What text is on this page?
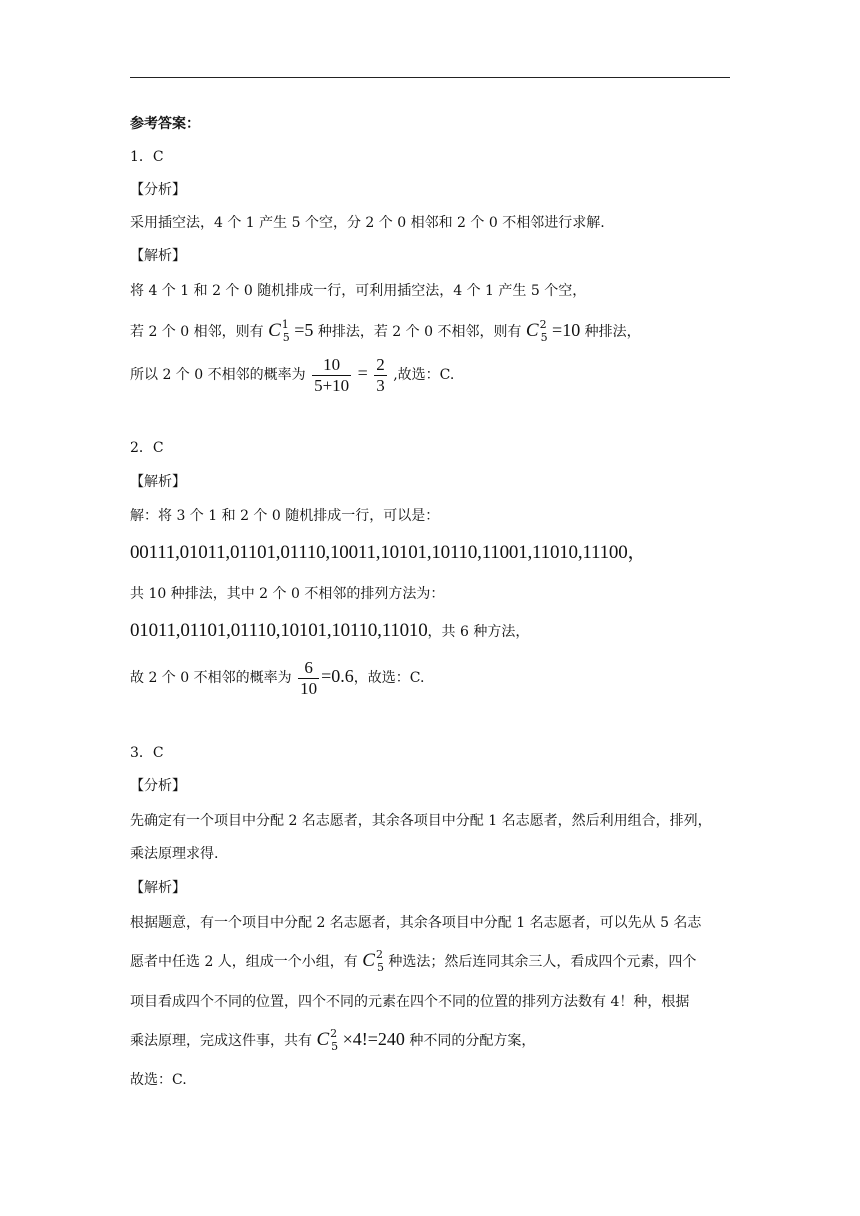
参考答案：
1．C
【分析】
采用插空法，4 个 1 产生 5 个空，分 2 个 0 相邻和 2 个 0 不相邻进行求解.
【解析】
将 4 个 1 和 2 个 0 随机排成一行，可利用插空法，4 个 1 产生 5 个空，
若 2 个 0 相邻，则有 $C^1_5 =5$ 种排法，若 2 个 0 不相邻，则有 $C^2_5 =10$ 种排法，
所以 2 个 0 不相邻的概率为 $\frac{10}{5+10} = \frac{2}{3}$ ,故选：C.
2．C
【解析】
解：将 3 个 1 和 2 个 0 随机排成一行，可以是：
00111,01011,01101,01110,10011,10101,10110,11001,11010,11100，
共 10 种排法，其中 2 个 0 不相邻的排列方法为：
01011,01101,01110,10101,10110,11010，共 6 种方法，
故 2 个 0 不相邻的概率为 $\frac{6}{10} =0.6$，故选：C.
3．C
【分析】
先确定有一个项目中分配 2 名志愿者，其余各项目中分配 1 名志愿者，然后利用组合，排列，
乘法原理求得.
【解析】
根据题意，有一个项目中分配 2 名志愿者，其余各项目中分配 1 名志愿者，可以先从 5 名志
愿者中任选 2 人，组成一个小组，有 $C^2_5$ 种选法；然后连同其余三人，看成四个元素，四个
项目看成四个不同的位置，四个不同的元素在四个不同的位置的排列方法数有 4！种，根据
乘法原理，完成这件事，共有 $C^2_5 \times 4!=240$ 种不同的分配方案，
故选：C.
